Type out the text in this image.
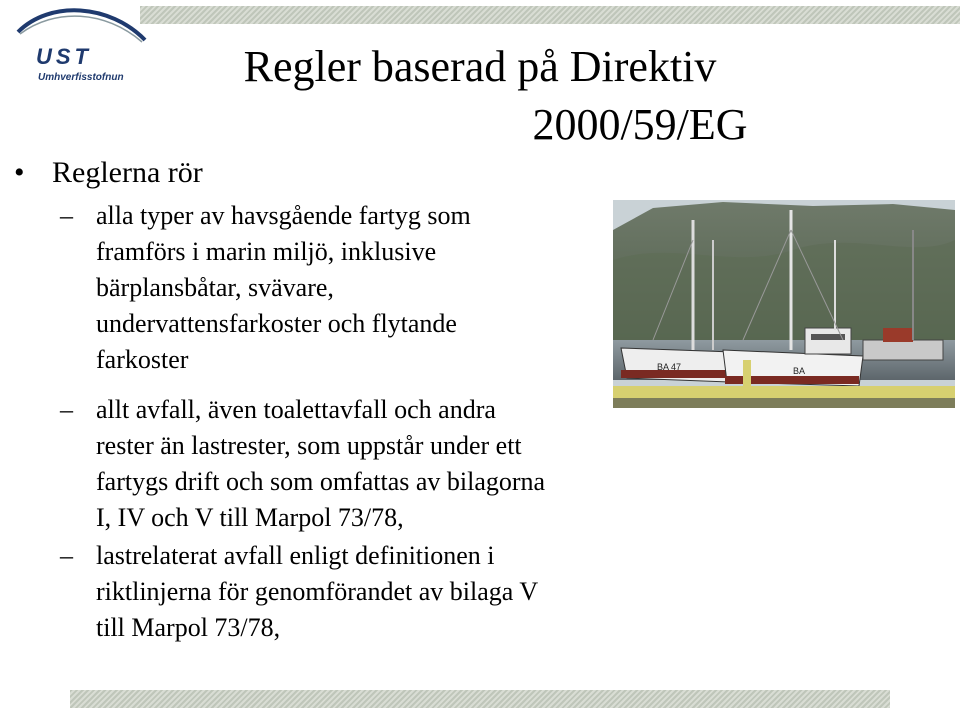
UST
Umhverfisstofnun	Regler baserad på Direktiv
2000/59/EG
• Reglerna rör
– alla typer av havsgående fartyg som
framförs i marin miljö, inklusive
bärplansbåtar, svävare,
undervattensfarkoster och flytande
farkoster
– allt avfall, även toalettavfall och andra
rester än lastrester, som uppstår under ett
fartygs drift och som omfattas av bilagorna
I, IV och V till Marpol 73/78,
– lastrelaterat avfall enligt definitionen i
riktlinjerna för genomförandet av bilaga V
till Marpol 73/78,
BA 47	BA
